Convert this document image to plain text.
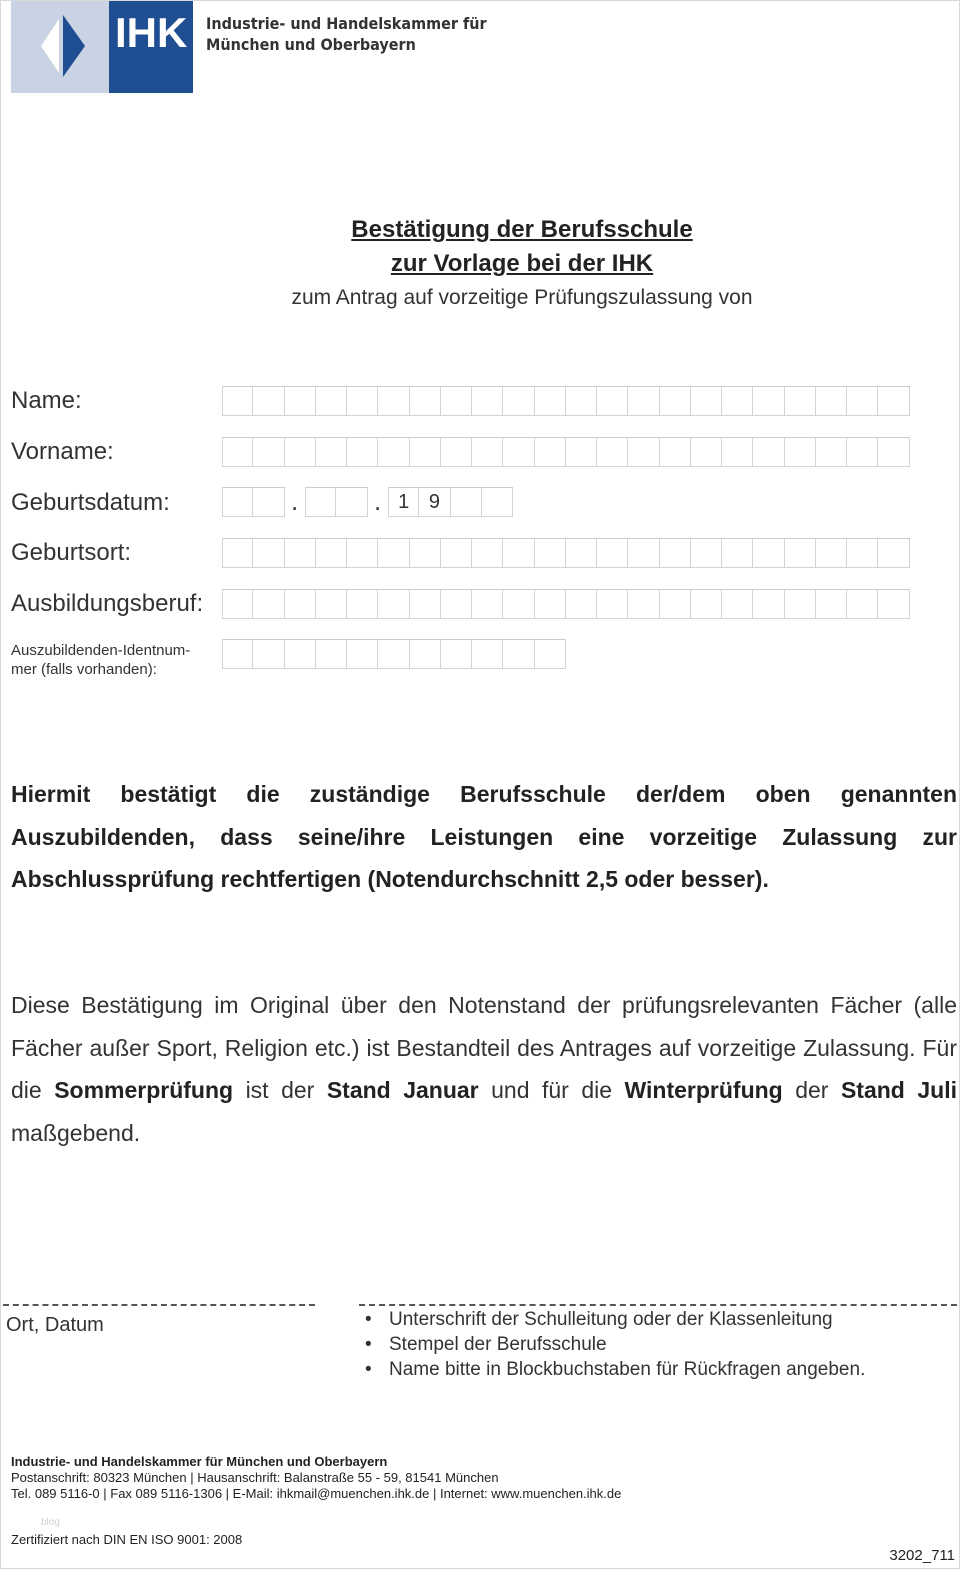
IHK Industrie- und Handelskammer für
München und Oberbayern
Bestätigung der Berufsschule
zur Vorlage bei der IHK
zum Antrag auf vorzeitige Prüfungszulassung von
Name:
Vorname:
Geburtsdatum:	.	. 1 9
Geburtsort:
Ausbildungsberuf:
Auszubildenden-Identnum-
mer (falls vorhanden):
Hiermit bestätigt die zuständige Berufsschule der/dem oben genannten Auszubildenden, dass seine/ihre Leistungen eine vorzeitige Zulassung zur Abschlussprüfung rechtfertigen (Notendurchschnitt 2,5 oder besser).
Diese Bestätigung im Original über den Notenstand der prüfungsrelevanten Fächer (alle Fächer außer Sport, Religion etc.) ist Bestandteil des Antrages auf vorzeitige Zulassung. Für die Sommerprüfung ist der Stand Januar und für die Winterprüfung der Stand Juli maßgebend.
Ort, Datum
•	Unterschrift der Schulleitung oder der Klassenleitung
• Stempel der Berufsschule
• Name bitte in Blockbuchstaben für Rückfragen angeben.
Industrie- und Handelskammer für München und Oberbayern
Postanschrift: 80323 München | Hausanschrift: Balanstraße 55 - 59, 81541 München
Tel. 089 5116-0 | Fax 089 5116-1306 | E-Mail: ihkmail@muenchen.ihk.de | Internet: www.muenchen.ihk.de
blog
Zertifiziert nach DIN EN ISO 9001: 2008
3202_711
